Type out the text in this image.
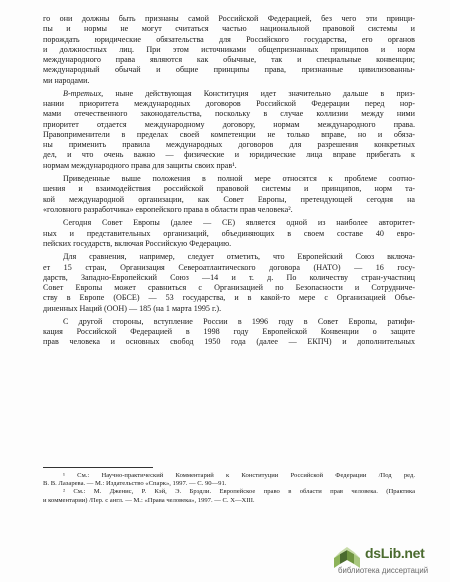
го они должны быть признаны самой Российской Федерацией, без чего эти принци-
пы и нормы не могут считаться частью национальной правовой системы и
порождать юридические обязательства для Российского государства, его органов
и должностных лиц. При этом источниками общепризнанных принципов и норм
международного права являются как обычные, так и специальные конвенции;
международный обычай и общие принципы права, признанные цивилизованны-
ми народами.
В-третьих, ныне действующая Конституция идет значительно дальше в приз-
нании приоритета международных договоров Российской Федерации перед нор-
мами отечественного законодательства, поскольку в случае коллизии между ними
приоритет отдается международному договору, нормам международного права.
Правоприменители в пределах своей компетенции не только вправе, но и обяза-
ны применить правила международных договоров для разрешения конкретных
дел, и что очень важно — физические и юридические лица вправе прибегать к
нормам международного права для защиты своих прав¹.
Приведенные выше положения в полной мере относятся к проблеме соотно-
шения и взаимодействия российской правовой системы и принципов, норм та-
кой международной организации, как Совет Европы, претендующей сегодня на
«головного разработчика» европейского права в области прав человека².
Сегодня Совет Европы (далее — СЕ) является одной из наиболее авторитет-
ных и представительных организаций, объединяющих в своем составе 40 евро-
пейских государств, включая Российскую Федерацию.
Для сравнения, например, следует отметить, что Европейский Союз включа-
ет 15 стран, Организация Североатлантического договора (НАТО) — 16 госу-
дарств, Западно-Европейский Союз —14 и т. д. По количеству стран-участниц
Совет Европы может сравниться с Организацией по Безопасности и Сотрудниче-
ству в Европе (ОБСЕ) — 53 государства, и в какой-то мере с Организацией Объе-
диненных Наций (ООН) — 185 (на 1 марта 1995 г.).
С другой стороны, вступление России в 1996 году в Совет Европы, ратифи-
кация Российской Федерацией в 1998 году Европейской Конвенции о защите
прав человека и основных свобод 1950 года (далее — ЕКПЧ) и дополнительных
¹ См.: Научно-практический Комментарий к Конституции Российской Федерации /Под ред.
В. В. Лазарева. — М.: Издательство «Спарк», 1997. — С. 90—91.
² См.: М. Дженис, Р. Кэй, Э. Брэдли. Европейское право в области прав человека. (Практика
и комментарии) /Пер. с англ. — М.: «Права человека», 1997. — С. Х—ХIII.
dsLib.net
библиотека диссертаций
